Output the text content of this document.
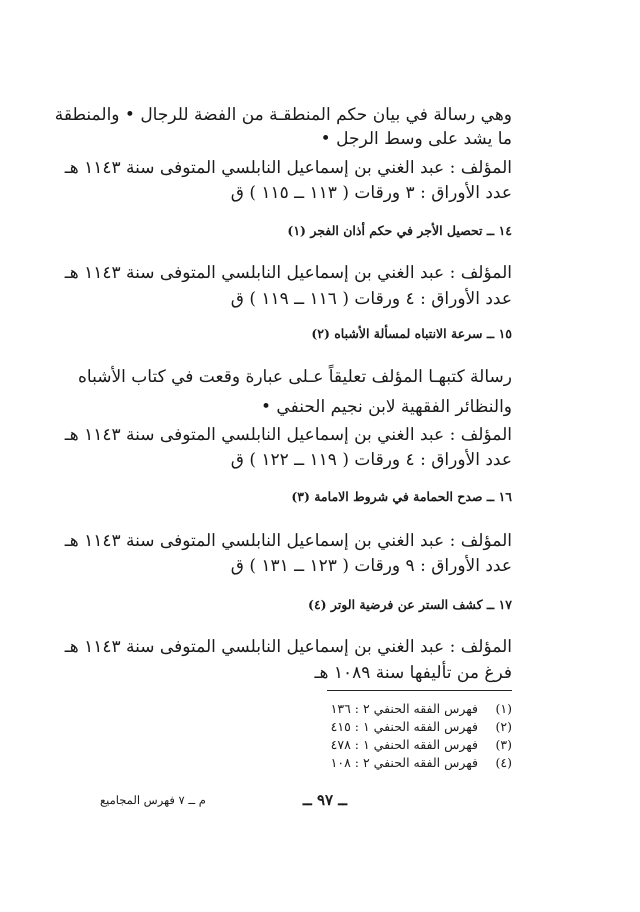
وهي رسالة في بيان حكم المنطقـة من الفضة للرجال • والمنطقة
ما يشد على وسط الرجل •
المؤلف : عبد الغني بن إسماعيل النابلسي المتوفى سنة ١١٤٣ هـ
عدد الأوراق : ٣ ورقات ( ١١٣ ــ ١١٥ ) ق
١٤ ــ تحصيل الأجر في حكم أذان الفجر (١)
المؤلف : عبد الغني بن إسماعيل النابلسي المتوفى سنة ١١٤٣ هـ
عدد الأوراق : ٤ ورقات ( ١١٦ ــ ١١٩ ) ق
١٥ ــ سرعة الانتباه لمسألة الأشباه (٢)
رسالة كتبهـا المؤلف تعليقاً عـلى عبارة وقعت في كتاب الأشباه
والنظائر الفقهية لابن نجيم الحنفي •
المؤلف : عبد الغني بن إسماعيل النابلسي المتوفى سنة ١١٤٣ هـ
عدد الأوراق : ٤ ورقات ( ١١٩ ــ ١٢٢ ) ق
١٦ ــ صدح الحمامة في شروط الامامة (٣)
المؤلف : عبد الغني بن إسماعيل النابلسي المتوفى سنة ١١٤٣ هـ
عدد الأوراق : ٩ ورقات ( ١٢٣ ــ ١٣١ ) ق
١٧ ــ كشف الستر عن فرضية الوتر (٤)
المؤلف : عبد الغني بن إسماعيل النابلسي المتوفى سنة ١١٤٣ هـ
فرغ من تأليفها سنة ١٠٨٩ هـ
(١) فهرس الفقه الحنفي ٢ : ١٣٦
(٢) فهرس الفقه الحنفي ١ : ٤١٥
(٣) فهرس الفقه الحنفي ١ : ٤٧٨
(٤) فهرس الفقه الحنفي ٢ : ١٠٨
ــ ٩٧ ــ
م ــ ٧ فهرس المجاميع
